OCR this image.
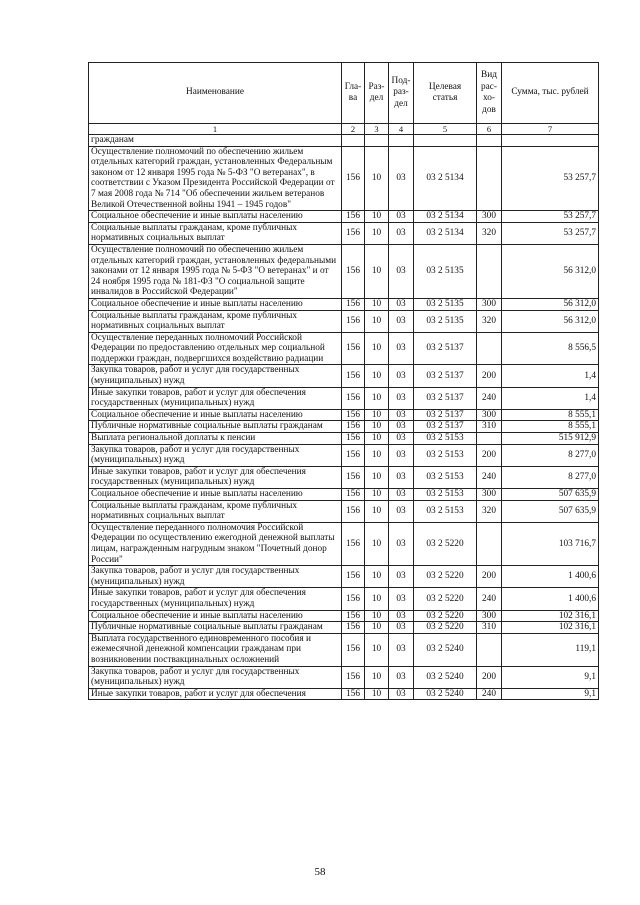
Наименование	Гла-ва	Раз-дел	Под-раз-дел	Целевая статья	Вид рас-хо-дов	Сумма, тыс. рублей
1	2	3	4	5	6	7
гражданам						
Осуществление полномочий по обеспечению жильем отдельных категорий граждан, установленных Федеральным законом от 12 января 1995 года № 5-ФЗ "О ветеранах", в соответствии с Указом Президента Российской Федерации от 7 мая 2008 года № 714 "Об обеспечении жильем ветеранов Великой Отечественной войны 1941 – 1945 годов"	156	10	03	03 2 5134		53 257,7
Социальное обеспечение и иные выплаты населению	156	10	03	03 2 5134	300	53 257,7
Социальные выплаты гражданам, кроме публичных нормативных социальных выплат	156	10	03	03 2 5134	320	53 257,7
Осуществление полномочий по обеспечению жильем отдельных категорий граждан, установленных федеральными законами от 12 января 1995 года № 5-ФЗ "О ветеранах" и от 24 ноября 1995 года № 181-ФЗ "О социальной защите инвалидов в Российской Федерации"	156	10	03	03 2 5135		56 312,0
Социальное обеспечение и иные выплаты населению	156	10	03	03 2 5135	300	56 312,0
Социальные выплаты гражданам, кроме публичных нормативных социальных выплат	156	10	03	03 2 5135	320	56 312,0
Осуществление переданных полномочий Российской Федерации по предоставлению отдельных мер социальной поддержки граждан, подвергшихся воздействию радиации	156	10	03	03 2 5137		8 556,5
Закупка товаров, работ и услуг для государственных (муниципальных) нужд	156	10	03	03 2 5137	200	1,4
Иные закупки товаров, работ и услуг для обеспечения государственных (муниципальных) нужд	156	10	03	03 2 5137	240	1,4
Социальное обеспечение и иные выплаты населению	156	10	03	03 2 5137	300	8 555,1
Публичные нормативные социальные выплаты гражданам	156	10	03	03 2 5137	310	8 555,1
Выплата региональной доплаты к пенсии	156	10	03	03 2 5153		515 912,9
Закупка товаров, работ и услуг для государственных (муниципальных) нужд	156	10	03	03 2 5153	200	8 277,0
Иные закупки товаров, работ и услуг для обеспечения государственных (муниципальных) нужд	156	10	03	03 2 5153	240	8 277,0
Социальное обеспечение и иные выплаты населению	156	10	03	03 2 5153	300	507 635,9
Социальные выплаты гражданам, кроме публичных нормативных социальных выплат	156	10	03	03 2 5153	320	507 635,9
Осуществление переданного полномочия Российской Федерации по осуществлению ежегодной денежной выплаты лицам, награжденным нагрудным знаком "Почетный донор России"	156	10	03	03 2 5220		103 716,7
Закупка товаров, работ и услуг для государственных (муниципальных) нужд	156	10	03	03 2 5220	200	1 400,6
Иные закупки товаров, работ и услуг для обеспечения государственных (муниципальных) нужд	156	10	03	03 2 5220	240	1 400,6
Социальное обеспечение и иные выплаты населению	156	10	03	03 2 5220	300	102 316,1
Публичные нормативные социальные выплаты гражданам	156	10	03	03 2 5220	310	102 316,1
Выплата государственного единовременного пособия и ежемесячной денежной компенсации гражданам при возникновении поствакцинальных осложнений	156	10	03	03 2 5240		119,1
Закупка товаров, работ и услуг для государственных (муниципальных) нужд	156	10	03	03 2 5240	200	9,1
Иные закупки товаров, работ и услуг для обеспечения	156	10	03	03 2 5240	240	9,1
58
